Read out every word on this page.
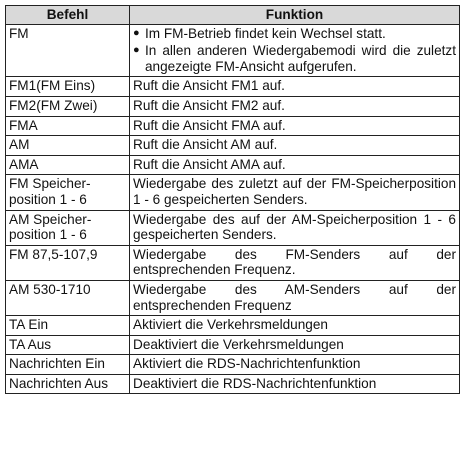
Befehl	Funktion
FM	● Im FM-Betrieb findet kein Wechsel statt.
● In allen anderen Wiedergabemodi wird die zuletzt angezeigte FM-Ansicht aufgerufen.

FM1(FM Eins)	Ruft die Ansicht FM1 auf.
FM2(FM Zwei)	Ruft die Ansicht FM2 auf.
FMA	Ruft die Ansicht FMA auf.
AM	Ruft die Ansicht AM auf.
AMA	Ruft die Ansicht AMA auf.
FM Speicher-position 1 - 6	Wiedergabe des zuletzt auf der FM-Speicherposition 1 - 6 gespeicherten Senders.
AM Speicher-position 1 - 6	Wiedergabe des auf der AM-Speicherposition 1 - 6 gespeicherten Senders.
FM 87,5-107,9	Wiedergabe des FM-Senders auf der entsprechenden Frequenz.
AM 530-1710	Wiedergabe des AM-Senders auf der entsprechenden Frequenz
TA Ein	Aktiviert die Verkehrsmeldungen
TA Aus	Deaktiviert die Verkehrsmeldungen
Nachrichten Ein	Aktiviert die RDS-Nachrichtenfunktion
Nachrichten Aus	Deaktiviert die RDS-Nachrichtenfunktion
